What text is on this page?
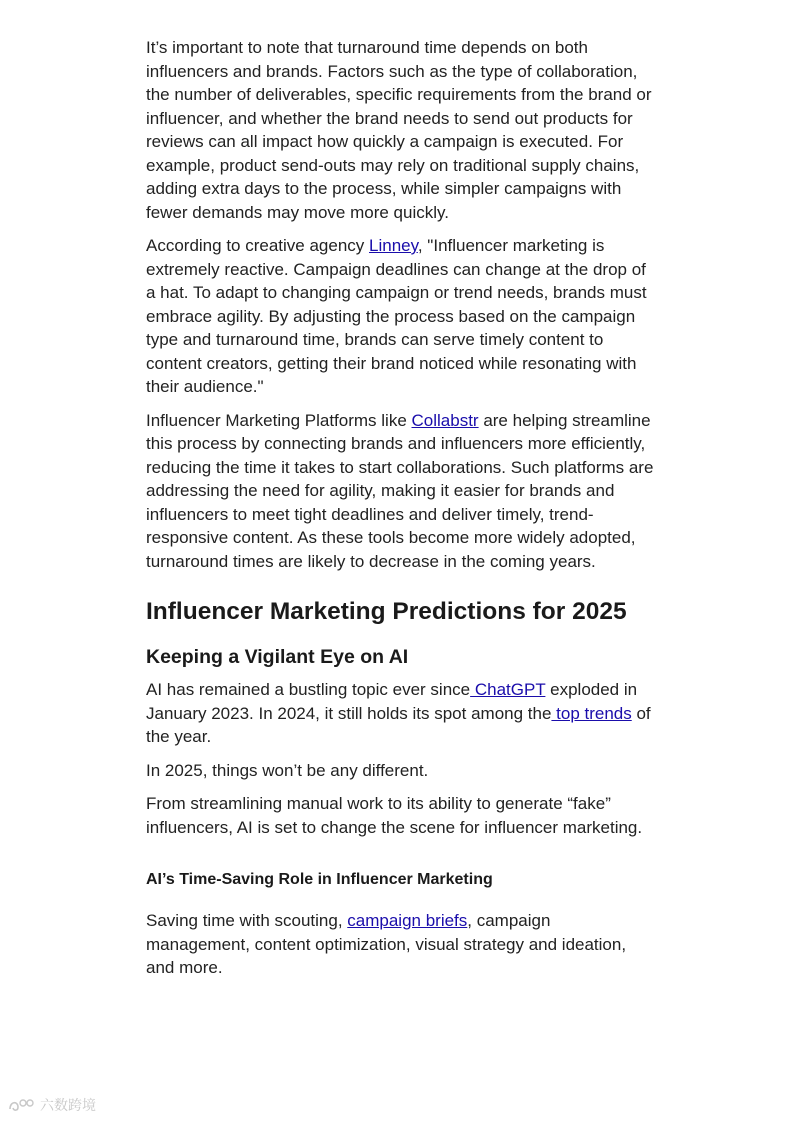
It’s important to note that turnaround time depends on both influencers and brands. Factors such as the type of collaboration, the number of deliverables, specific requirements from the brand or influencer, and whether the brand needs to send out products for reviews can all impact how quickly a campaign is executed. For example, product send-outs may rely on traditional supply chains, adding extra days to the process, while simpler campaigns with fewer demands may move more quickly.

According to creative agency Linney, "Influencer marketing is extremely reactive. Campaign deadlines can change at the drop of a hat. To adapt to changing campaign or trend needs, brands must embrace agility. By adjusting the process based on the campaign type and turnaround time, brands can serve timely content to content creators, getting their brand noticed while resonating with their audience."

Influencer Marketing Platforms like Collabstr are helping streamline this process by connecting brands and influencers more efficiently, reducing the time it takes to start collaborations. Such platforms are addressing the need for agility, making it easier for brands and influencers to meet tight deadlines and deliver timely, trend-responsive content. As these tools become more widely adopted, turnaround times are likely to decrease in the coming years.

Influencer Marketing Predictions for 2025
Keeping a Vigilant Eye on AI

AI has remained a bustling topic ever since ChatGPT exploded in January 2023. In 2024, it still holds its spot among the top trends of the year.

In 2025, things won’t be any different.

From streamlining manual work to its ability to generate “fake” influencers, AI is set to change the scene for influencer marketing.

AI’s Time-Saving Role in Influencer Marketing

Saving time with scouting, campaign briefs, campaign management, content optimization, visual strategy and ideation, and more.

六数跨境
